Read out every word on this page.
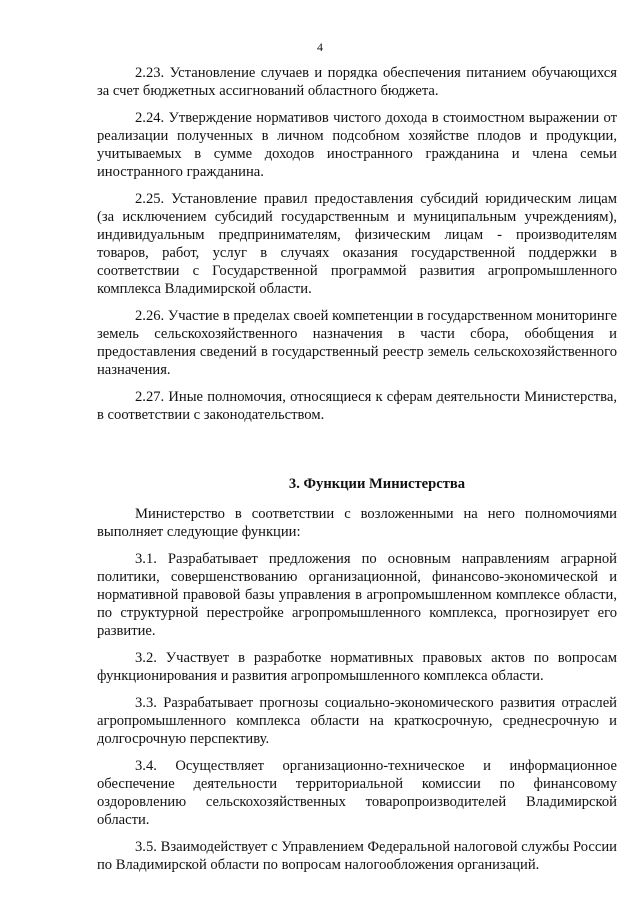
4

2.23. Установление случаев и порядка обеспечения питанием обучающихся за счет бюджетных ассигнований областного бюджета.

2.24. Утверждение нормативов чистого дохода в стоимостном выражении от реализации полученных в личном подсобном хозяйстве плодов и продукции, учитываемых в сумме доходов иностранного гражданина и члена семьи иностранного гражданина.

2.25. Установление правил предоставления субсидий юридическим лицам (за исключением субсидий государственным и муниципальным учреждениям), индивидуальным предпринимателям, физическим лицам - производителям товаров, работ, услуг в случаях оказания государственной поддержки в соответствии с Государственной программой развития агропромышленного комплекса Владимирской области.

2.26. Участие в пределах своей компетенции в государственном мониторинге земель сельскохозяйственного назначения в части сбора, обобщения и предоставления сведений в государственный реестр земель сельскохозяйственного назначения.

2.27. Иные полномочия, относящиеся к сферам деятельности Министерства, в соответствии с законодательством.

3. Функции Министерства

Министерство в соответствии с возложенными на него полномочиями выполняет следующие функции:

3.1. Разрабатывает предложения по основным направлениям аграрной политики, совершенствованию организационной, финансово-экономической и нормативной правовой базы управления в агропромышленном комплексе области, по структурной перестройке агропромышленного комплекса, прогнозирует его развитие.

3.2. Участвует в разработке нормативных правовых актов по вопросам функционирования и развития агропромышленного комплекса области.

3.3. Разрабатывает прогнозы социально-экономического развития отраслей агропромышленного комплекса области на краткосрочную, среднесрочную и долгосрочную перспективу.

3.4. Осуществляет организационно-техническое и информационное обеспечение деятельности территориальной комиссии по финансовому оздоровлению сельскохозяйственных товаропроизводителей Владимирской области.

3.5. Взаимодействует с Управлением Федеральной налоговой службы России по Владимирской области по вопросам налогообложения организаций.
